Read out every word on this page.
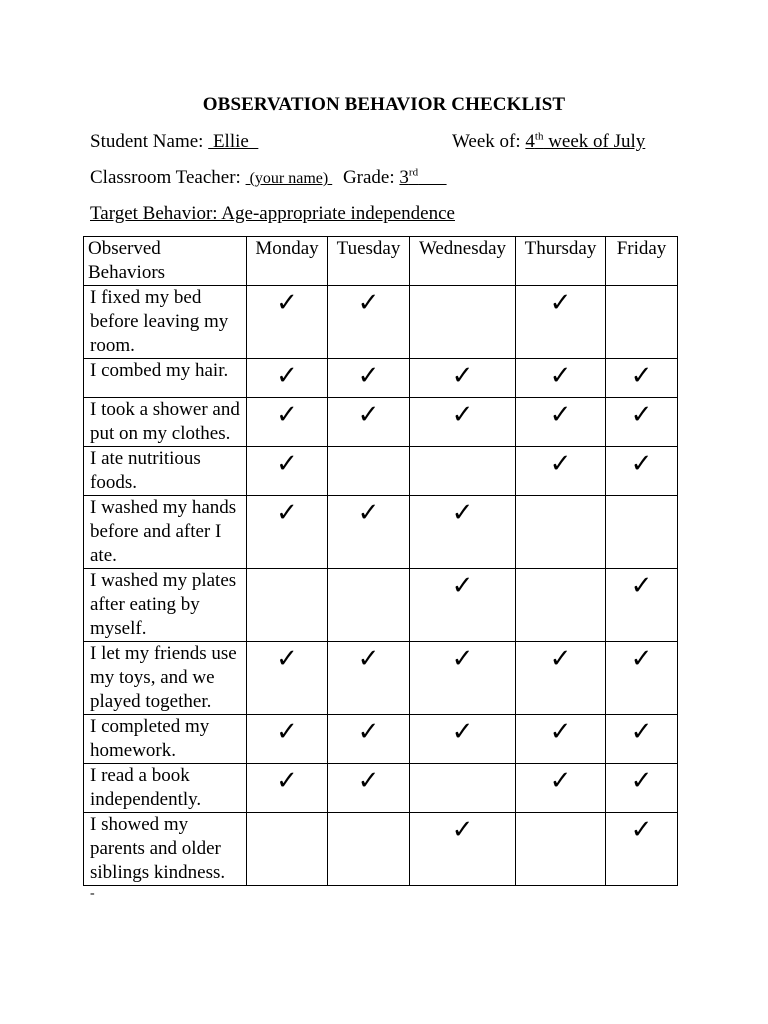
OBSERVATION BEHAVIOR CHECKLIST
Student Name:  Ellie	Week of: 4th week of July
Classroom Teacher:  (your name)  Grade: 3rd
Target Behavior: Age-appropriate independence
Observed Behaviors	Monday	Tuesday	Wednesday	Thursday	Friday
I fixed my bed before leaving my room.	✓	✓		✓	
I combed my hair.	✓	✓	✓	✓	✓
I took a shower and put on my clothes.	✓	✓	✓	✓	✓
I ate nutritious foods.	✓			✓	✓
I washed my hands before and after I ate.	✓	✓	✓		
I washed my plates after eating by myself.			✓		✓
I let my friends use my toys, and we played together.	✓	✓	✓	✓	✓
I completed my homework.	✓	✓	✓	✓	✓
I read a book independently.	✓	✓		✓	✓
I showed my parents and older siblings kindness.			✓		✓
-
